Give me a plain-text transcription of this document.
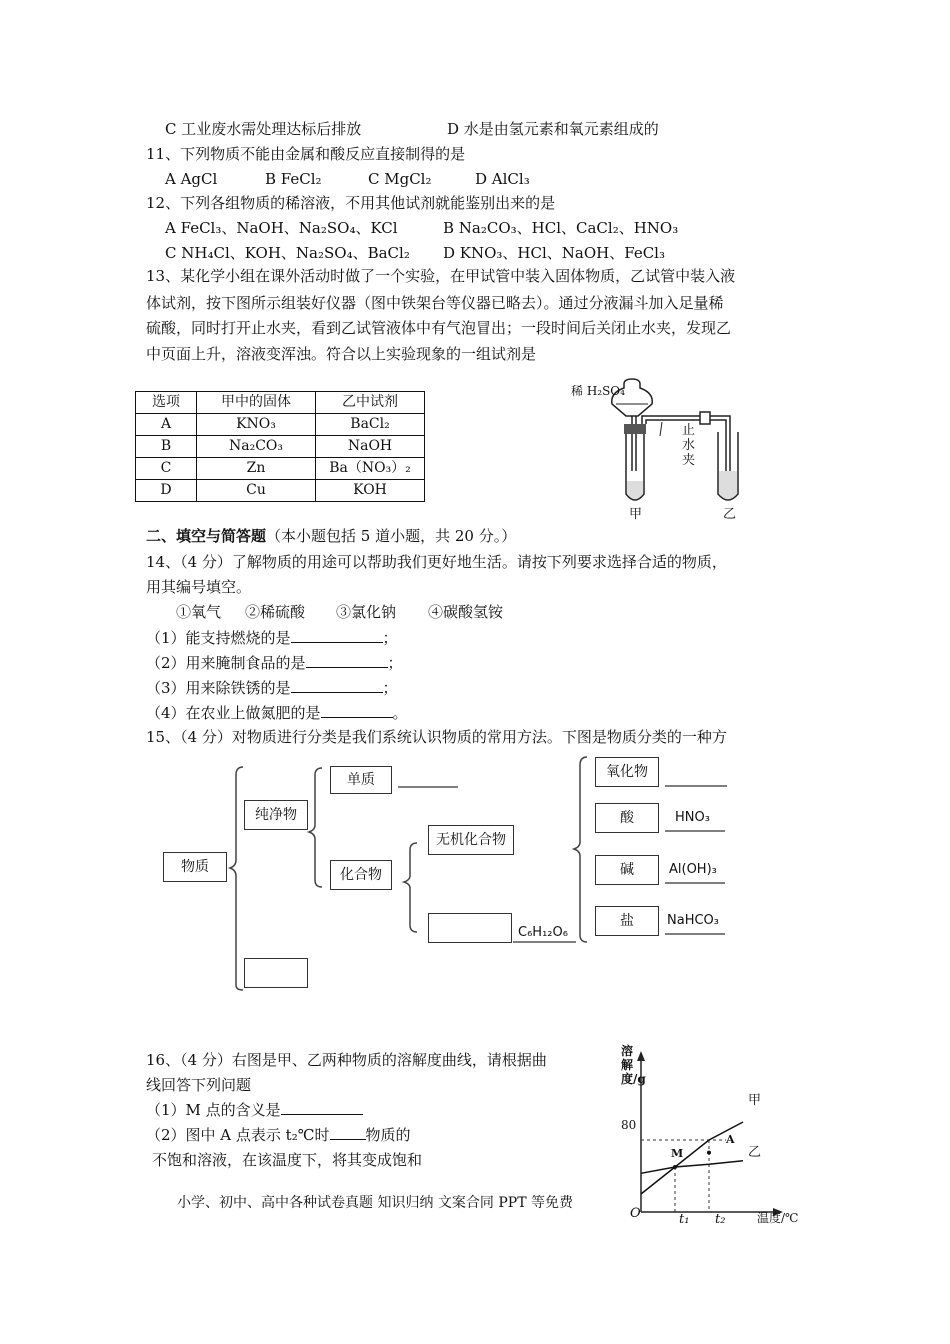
C 工业废水需处理达标后排放	D 水是由氢元素和氧元素组成的
11、下列物质不能由金属和酸反应直接制得的是
A AgCl	B FeCl₂	C MgCl₂	D AlCl₃
12、下列各组物质的稀溶液，不用其他试剂就能鉴别出来的是
A FeCl₃、NaOH、Na₂SO₄、KCl	B Na₂CO₃、HCl、CaCl₂、HNO₃
C NH₄Cl、KOH、Na₂SO₄、BaCl₂ D KNO₃、HCl、NaOH、FeCl₃
13、某化学小组在课外活动时做了一个实验，在甲试管中装入固体物质，乙试管中装入液
体试剂，按下图所示组装好仪器（图中铁架台等仪器已略去）。通过分液漏斗加入足量稀
硫酸，同时打开止水夹，看到乙试管液体中有气泡冒出；一段时间后关闭止水夹，发现乙
中页面上升，溶液变浑浊。符合以上实验现象的一组试剂是
选项	甲中的固体	乙中试剂
A	KNO₃	BaCl₂
B	Na₂CO₃	NaOH
C	Zn	Ba（NO₃）₂
D	Cu	KOH
稀 H₂SO₄
止水夹
甲	乙
二、填空与简答题（本小题包括 5 道小题，共 20 分。）
14、（4 分）了解物质的用途可以帮助我们更好地生活。请按下列要求选择合适的物质，
用其编号填空。
①氧气 ②稀硫酸 ③氯化钠 ④碳酸氢铵
（1）能支持燃烧的是	；
（2）用来腌制食品的是	；
（3）用来除铁锈的是	；
（4）在农业上做氮肥的是	。
15、（4 分）对物质进行分类是我们系统认识物质的常用方法。下图是物质分类的一种方
物质
纯净物
单质
化合物
无机化合物
氧化物
酸
碱
盐
HNO₃
Al(OH)₃
NaHCO₃
C₆H₁₂O₆
16、（4 分）右图是甲、乙两种物质的溶解度曲线，请根据曲
线回答下列问题
（1）M 点的含义是
（2）图中 A 点表示 t₂℃时 物质的
不饱和溶液，在该温度下，将其变成饱和
溶解度/g
温度/℃
O
80
t₁ t₂
甲
乙
M
A
小学、初中、高中各种试卷真题 知识归纳 文案合同 PPT 等免费
